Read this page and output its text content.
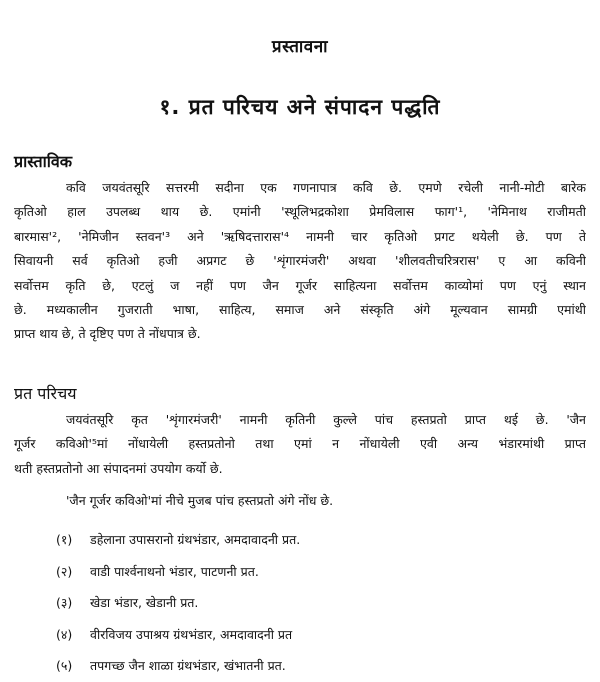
प्रस्तावना
१. प्रत परिचय अने संपादन पद्धति
प्रास्ताविक
कवि जयवंतसूरि सत्तरमी सदीना एक गणनापात्र कवि छे. एमणे रचेली नानी-मोटी बारेक
कृतिओ हाल उपलब्ध थाय छे. एमांनी 'स्थूलिभद्रकोशा प्रेमविलास फाग'¹, 'नेमिनाथ राजीमती
बारमास'², 'नेमिजीन स्तवन'³ अने 'ऋषिदत्तारास'⁴ नामनी चार कृतिओ प्रगट थयेली छे. पण ते
सिवायनी सर्व कृतिओ हजी अप्रगट छे 'शृंगारमंजरी' अथवा 'शीलवतीचरित्ररास' ए आ कविनी
सर्वोत्तम कृति छे, एटलुं ज नहीं पण जैन गूर्जर साहित्यना सर्वोत्तम काव्योमां पण एनुं स्थान
छे. मध्यकालीन गुजराती भाषा, साहित्य, समाज अने संस्कृति अंगे मूल्यवान सामग्री एमांथी
प्राप्त थाय छे, ते दृष्टिए पण ते नोंधपात्र छे.
प्रत परिचय
जयवंतसूरि कृत 'शृंगारमंजरी' नामनी कृतिनी कुल्ले पांच हस्तप्रतो प्राप्त थई छे. 'जैन
गूर्जर कविओ'⁵मां नोंधायेली हस्तप्रतोनो तथा एमां न नोंधायेली एवी अन्य भंडारमांथी प्राप्त
थती हस्तप्रतोनो आ संपादनमां उपयोग कर्यो छे.
'जैन गूर्जर कविओ'मां नीचे मुजब पांच हस्तप्रतो अंगे नोंध छे.
(१)	डहेलाना उपासरानो ग्रंथभंडार, अमदावादनी प्रत.
(२)	वाडी पार्श्वनाथनो भंडार, पाटणनी प्रत.
(३)	खेडा भंडार, खेडानी प्रत.
(४)	वीरविजय उपाश्रय ग्रंथभंडार, अमदावादनी प्रत
(५)	तपगच्छ जैन शाळा ग्रंथभंडार, खंभातनी प्रत.
